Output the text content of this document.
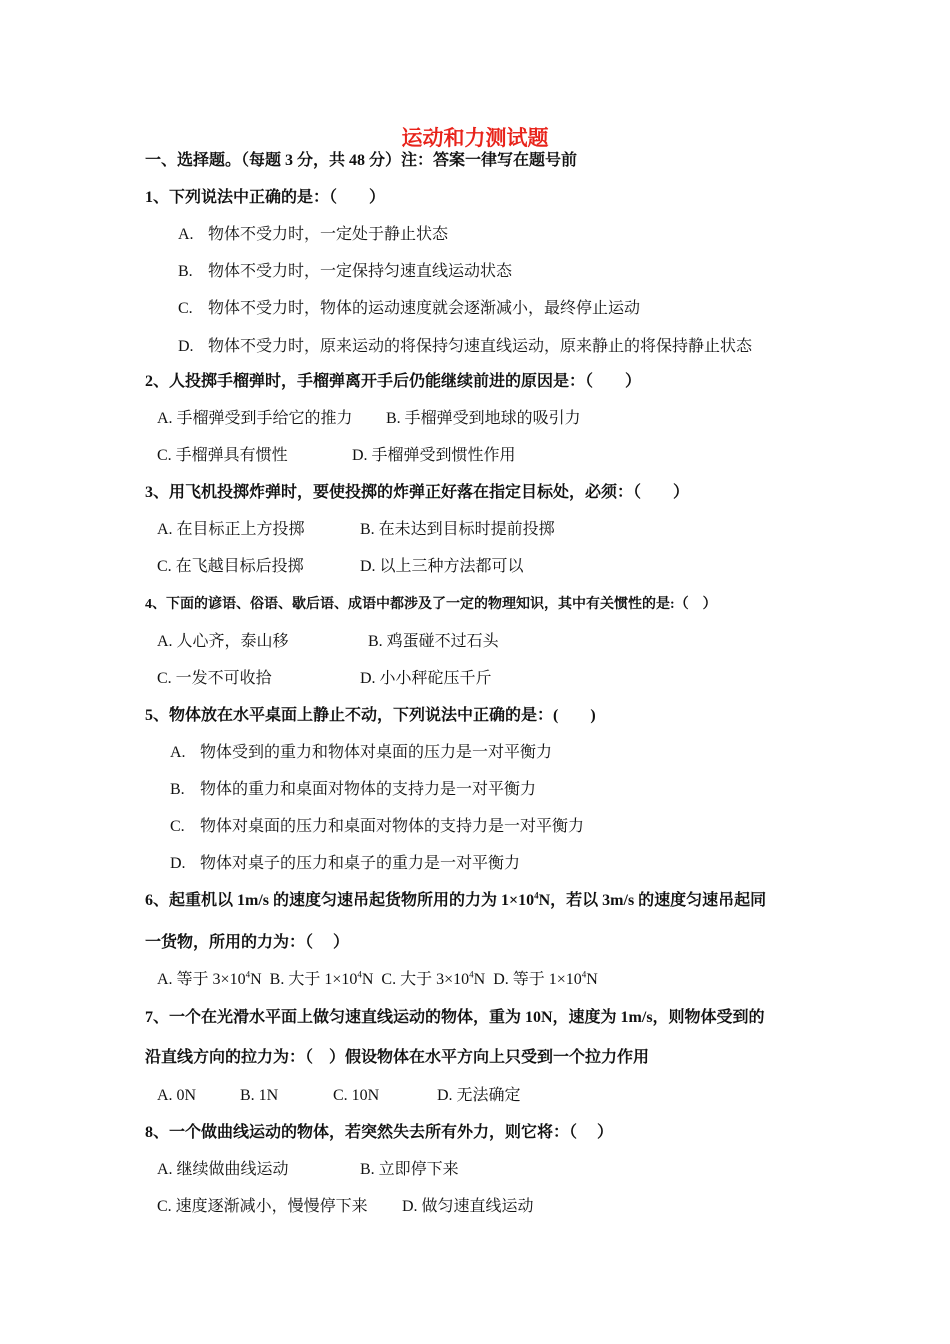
运动和力测试题
一、选择题。（每题 3 分，共 48 分）注：答案一律写在题号前
1、下列说法中正确的是：（　　）
A. 物体不受力时，一定处于静止状态
B. 物体不受力时，一定保持匀速直线运动状态
C. 物体不受力时，物体的运动速度就会逐渐减小，最终停止运动
D. 物体不受力时，原来运动的将保持匀速直线运动，原来静止的将保持静止状态
2、人投掷手榴弹时，手榴弹离开手后仍能继续前进的原因是：（　　）
A. 手榴弹受到手给它的推力 B. 手榴弹受到地球的吸引力
C. 手榴弹具有惯性	D. 手榴弹受到惯性作用
3、用飞机投掷炸弹时，要使投掷的炸弹正好落在指定目标处，必须：（　　）
A. 在目标正上方投掷	B. 在未达到目标时提前投掷
C. 在飞越目标后投掷	D. 以上三种方法都可以
4、下面的谚语、俗语、歇后语、成语中都涉及了一定的物理知识，其中有关惯性的是:（　）
A. 人心齐，泰山移	B. 鸡蛋碰不过石头
C. 一发不可收拾	D. 小小秤砣压千斤
5、物体放在水平桌面上静止不动，下列说法中正确的是：(　　)
A. 物体受到的重力和物体对桌面的压力是一对平衡力
B. 物体的重力和桌面对物体的支持力是一对平衡力
C. 物体对桌面的压力和桌面对物体的支持力是一对平衡力
D. 物体对桌子的压力和桌子的重力是一对平衡力
6、起重机以 1m/s 的速度匀速吊起货物所用的力为 $1\times 10^4N$，若以 3m/s 的速度匀速吊起同
一货物，所用的力为：（　 ）
A. 等于 $3\times 10^4N$ B. 大于 $1\times 10^4N$ C. 大于 $3\times 10^4N$ D. 等于 $1\times 10^4N$
7、一个在光滑水平面上做匀速直线运动的物体，重为 10N，速度为 1m/s，则物体受到的
沿直线方向的拉力为：（　）假设物体在水平方向上只受到一个拉力作用
A. 0N	B. 1N	C. 10N	D. 无法确定
8、一个做曲线运动的物体，若突然失去所有外力，则它将：（　 ）
A. 继续做曲线运动	B. 立即停下来
C. 速度逐渐减小，慢慢停下来 D. 做匀速直线运动
